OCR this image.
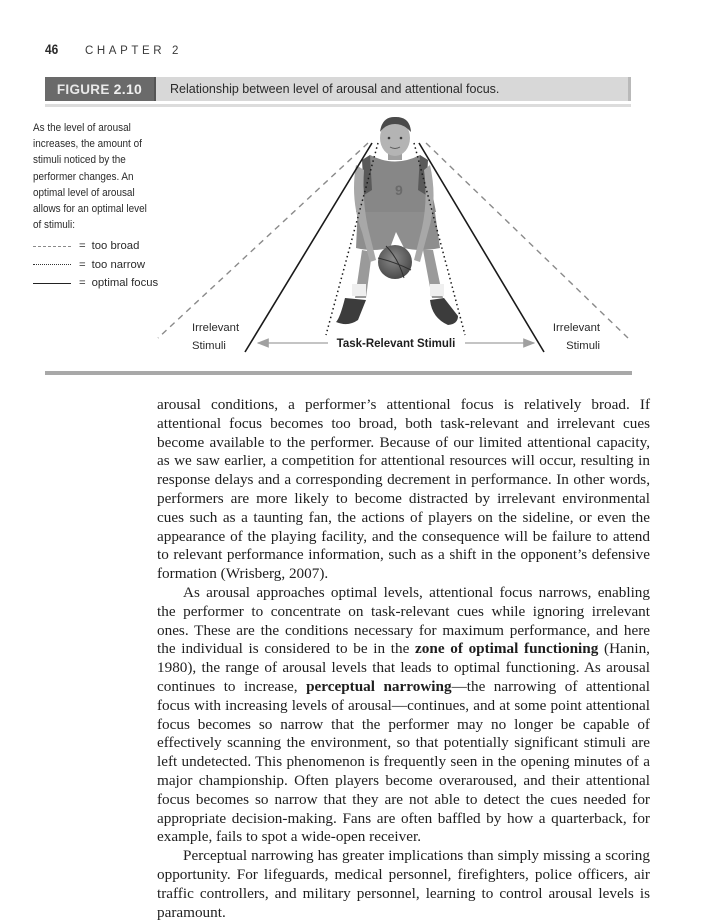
46	CHAPTER 2
FIGURE 2.10	Relationship between level of arousal and attentional focus.
As the level of arousal increases, the amount of stimuli noticed by the performer changes. An optimal level of arousal allows for an optimal level of stimuli:
= too broad
= too narrow
= optimal focus
9
Irrelevant
Stimuli
Irrelevant
Stimuli
Task-Relevant Stimuli

arousal conditions, a performer’s attentional focus is relatively broad. If attentional focus becomes too broad, both task-relevant and irrelevant cues become available to the performer. Because of our limited attentional capacity, as we saw earlier, a competition for attentional resources will occur, resulting in response delays and a corresponding decrement in performance. In other words, performers are more likely to become distracted by irrelevant environmental cues such as a taunting fan, the actions of players on the sideline, or even the appearance of the playing facility, and the consequence will be failure to attend to relevant performance information, such as a shift in the opponent’s defensive formation (Wrisberg, 2007).

As arousal approaches optimal levels, attentional focus narrows, enabling the performer to concentrate on task-relevant cues while ignoring irrelevant ones. These are the conditions necessary for maximum performance, and here the individual is considered to be in the zone of optimal functioning (Hanin, 1980), the range of arousal levels that leads to optimal functioning. As arousal continues to increase, perceptual narrowing—the narrowing of attentional focus with increasing levels of arousal—continues, and at some point attentional focus becomes so narrow that the performer may no longer be capable of effectively scanning the environment, so that potentially significant stimuli are left undetected. This phenomenon is frequently seen in the opening minutes of a major championship. Often players become overaroused, and their attentional focus becomes so narrow that they are not able to detect the cues needed for appropriate decision-making. Fans are often baffled by how a quarterback, for example, fails to spot a wide-open receiver.

Perceptual narrowing has greater implications than simply missing a scoring opportunity. For lifeguards, medical personnel, firefighters, police officers, air traffic controllers, and military personnel, learning to control arousal levels is paramount.
